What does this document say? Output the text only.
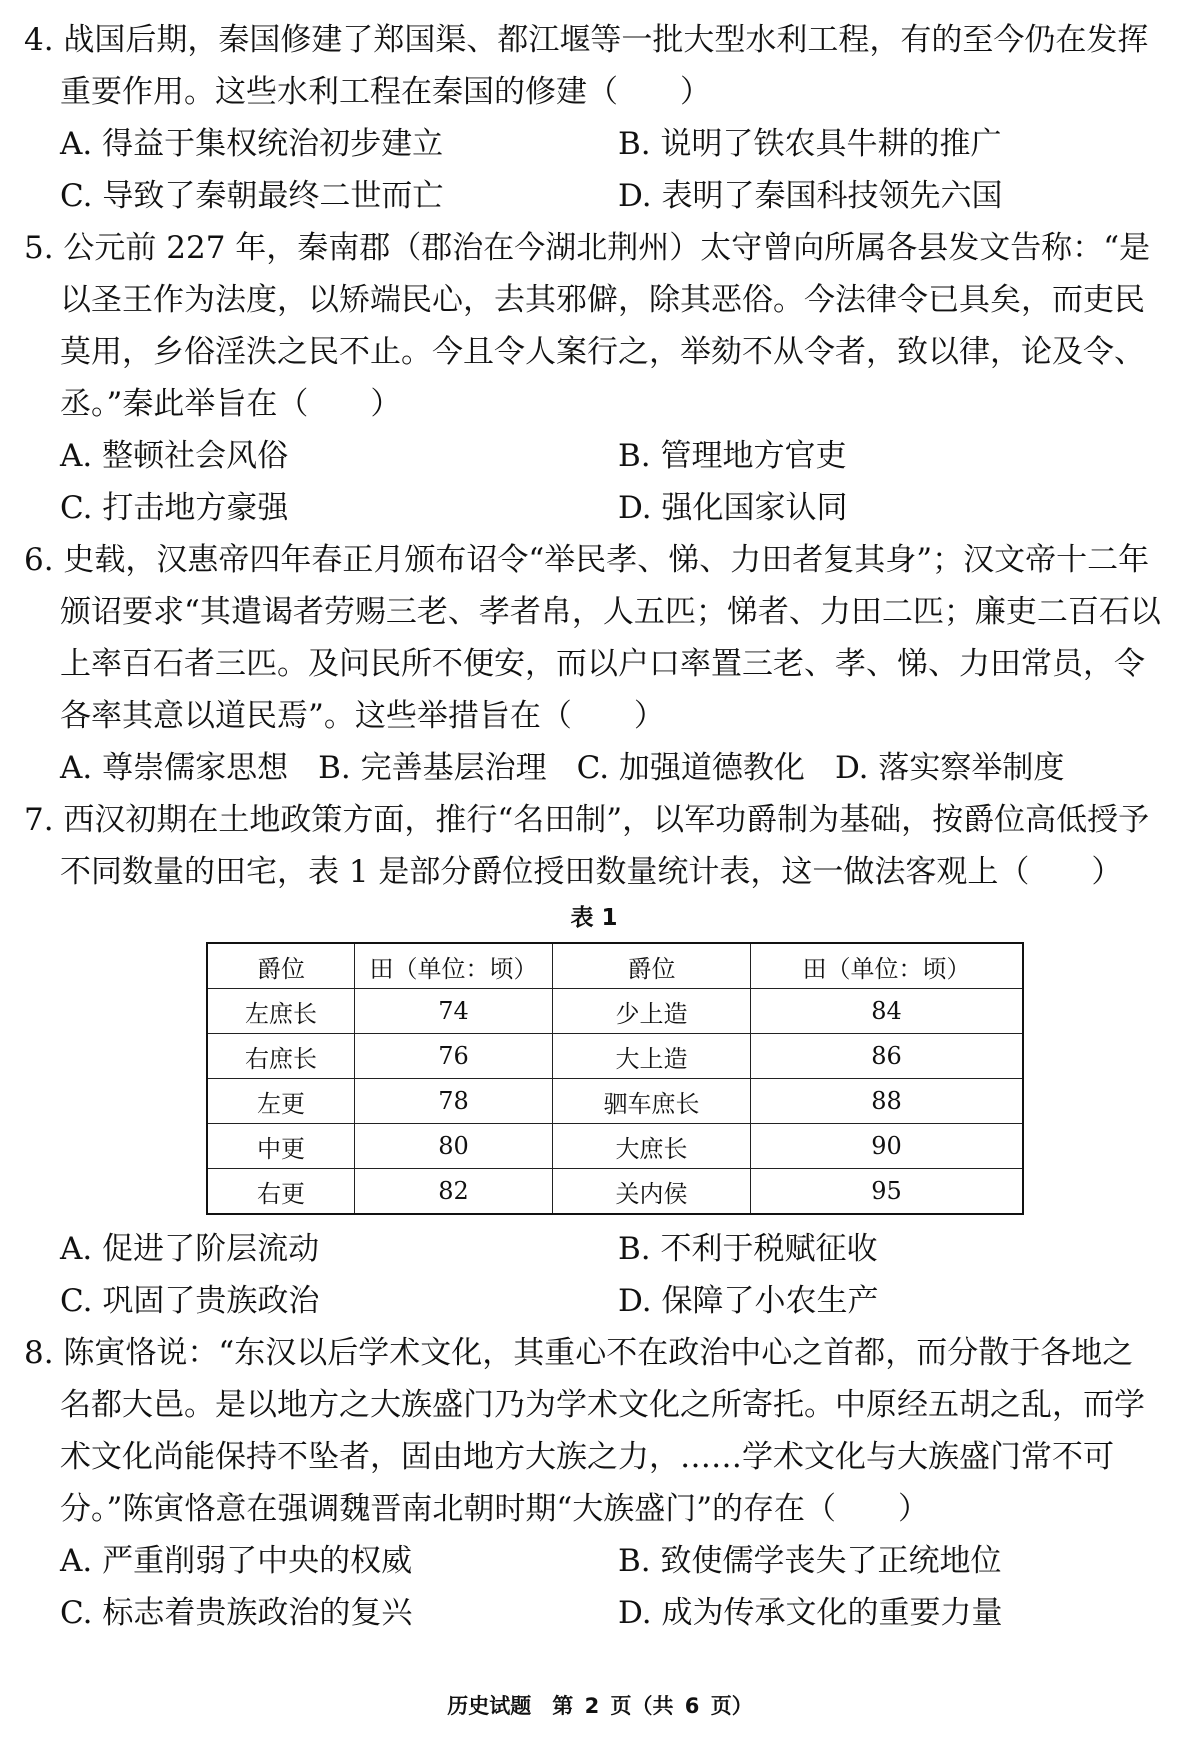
4. 战国后期，秦国修建了郑国渠、都江堰等一批大型水利工程，有的至今仍在发挥重要作用。这些水利工程在秦国的修建（　　）
A. 得益于集权统治初步建立	B. 说明了铁农具牛耕的推广
C. 导致了秦朝最终二世而亡	D. 表明了秦国科技领先六国
5. 公元前 227 年，秦南郡（郡治在今湖北荆州）太守曾向所属各县发文告称：“是以圣王作为法度，以矫端民心，去其邪僻，除其恶俗。今法律令已具矣，而吏民莫用，乡俗淫泆之民不止。今且令人案行之，举劾不从令者，致以律，论及令、丞。”秦此举旨在（　　）
A. 整顿社会风俗	B. 管理地方官吏
C. 打击地方豪强	D. 强化国家认同
6. 史载，汉惠帝四年春正月颁布诏令“举民孝、悌、力田者复其身”；汉文帝十二年颁诏要求“其遣谒者劳赐三老、孝者帛，人五匹；悌者、力田二匹；廉吏二百石以上率百石者三匹。及问民所不便安，而以户口率置三老、孝、悌、力田常员，令各率其意以道民焉”。这些举措旨在（　　）
A. 尊崇儒家思想 B. 完善基层治理 C. 加强道德教化 D. 落实察举制度
7. 西汉初期在土地政策方面，推行“名田制”，以军功爵制为基础，按爵位高低授予不同数量的田宅，表 1 是部分爵位授田数量统计表，这一做法客观上（　　）
表 1
爵位	田（单位：顷）	爵位	田（单位：顷）
左庶长	74	少上造	84
右庶长	76	大上造	86
左更	78	驷车庶长	88
中更	80	大庶长	90
右更	82	关内侯	95
A. 促进了阶层流动	B. 不利于税赋征收
C. 巩固了贵族政治	D. 保障了小农生产
8. 陈寅恪说：“东汉以后学术文化，其重心不在政治中心之首都，而分散于各地之名都大邑。是以地方之大族盛门乃为学术文化之所寄托。中原经五胡之乱，而学术文化尚能保持不坠者，固由地方大族之力，……学术文化与大族盛门常不可分。”陈寅恪意在强调魏晋南北朝时期“大族盛门”的存在（　　）
A. 严重削弱了中央的权威	B. 致使儒学丧失了正统地位
C. 标志着贵族政治的复兴	D. 成为传承文化的重要力量
历史试题　第 2 页（共 6 页）
